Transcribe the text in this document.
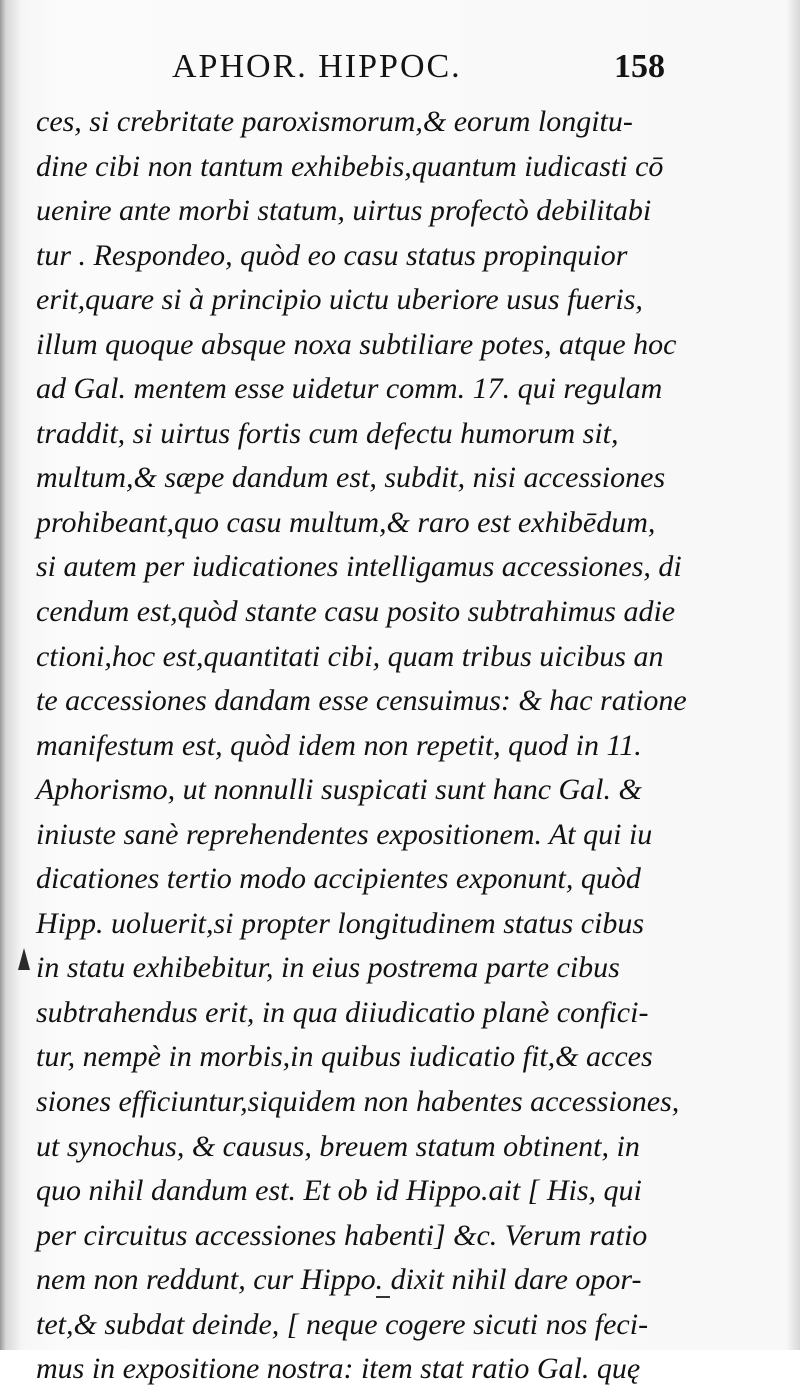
APHOR. HIPPOC.	158
ces, si crebritate paroxismorum,& eorum longitu-
dine cibi non tantum exhibebis,quantum iudicasti cō
uenire ante morbi statum, uirtus profectò debilitabi
tur . Respondeo, quòd eo casu status propinquior
erit,quare si à principio uictu uberiore usus fueris,
illum quoque absque noxa subtiliare potes, atque hoc
ad Gal. mentem esse uidetur comm. 17. qui regulam
traddit, si uirtus fortis cum defectu humorum sit,
multum,& sæpe dandum est, subdit, nisi accessiones
prohibeant,quo casu multum,& raro est exhibēdum,
si autem per iudicationes intelligamus accessiones, di
cendum est,quòd stante casu posito subtrahimus adie
ctioni,hoc est,quantitati cibi, quam tribus uicibus an
te accessiones dandam esse censuimus: & hac ratione
manifestum est, quòd idem non repetit, quod in 11.
Aphorismo, ut nonnulli suspicati sunt hanc Gal. &
iniuste sanè reprehendentes expositionem. At qui iu
dicationes tertio modo accipientes exponunt, quòd
Hipp. uoluerit,si propter longitudinem status cibus
in statu exhibebitur, in eius postrema parte cibus
subtrahendus erit, in qua diiudicatio planè confici-
tur, nempè in morbis,in quibus iudicatio fit,& acces
siones efficiuntur,siquidem non habentes accessiones,
ut synochus, & causus, breuem statum obtinent, in
quo nihil dandum est. Et ob id Hippo.ait [ His, qui
per circuitus accessiones habenti] &c. Verum ratio
nem non reddunt, cur Hippo. dixit nihil dare opor-
tet,& subdat deinde, [ neque cogere sicuti nos feci-
mus in expositione nostra: item stat ratio Gal. quę
